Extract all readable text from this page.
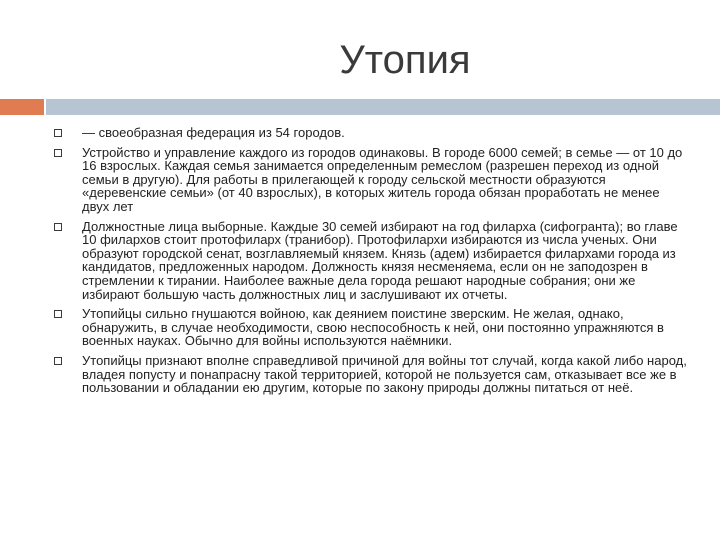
Утопия
— своеобразная федерация из 54 городов.
Устройство и управление каждого из городов одинаковы. В городе 6000 семей; в семье — от 10 до 16 взрослых. Каждая семья занимается определенным ремеслом (разрешен переход из одной семьи в другую). Для работы в прилегающей к городу сельской местности образуются «деревенские семьи» (от 40 взрослых), в которых житель города обязан проработать не менее двух лет
Должностные лица выборные. Каждые 30 семей избирают на год филарха (сифогранта); во главе 10 филархов стоит протофиларх (транибор). Протофилархи избираются из числа ученых. Они образуют городской сенат, возглавляемый князем. Князь (адем) избирается филархами города из кандидатов, предложенных народом. Должность князя несменяема, если он не заподозрен в стремлении к тирании. Наиболее важные дела города решают народные собрания; они же избирают большую часть должностных лиц и заслушивают их отчеты.
Утопийцы сильно гнушаются войною, как деянием поистине зверским. Не желая, однако, обнаружить, в случае необходимости, свою неспособность к ней, они постоянно упражняются в военных науках. Обычно для войны используются наёмники.
Утопийцы признают вполне справедливой причиной для войны тот случай, когда какой либо народ, владея попусту и понапрасну такой территорией, которой не пользуется сам, отказывает все же в пользовании и обладании ею другим, которые по закону природы должны питаться от неё.
